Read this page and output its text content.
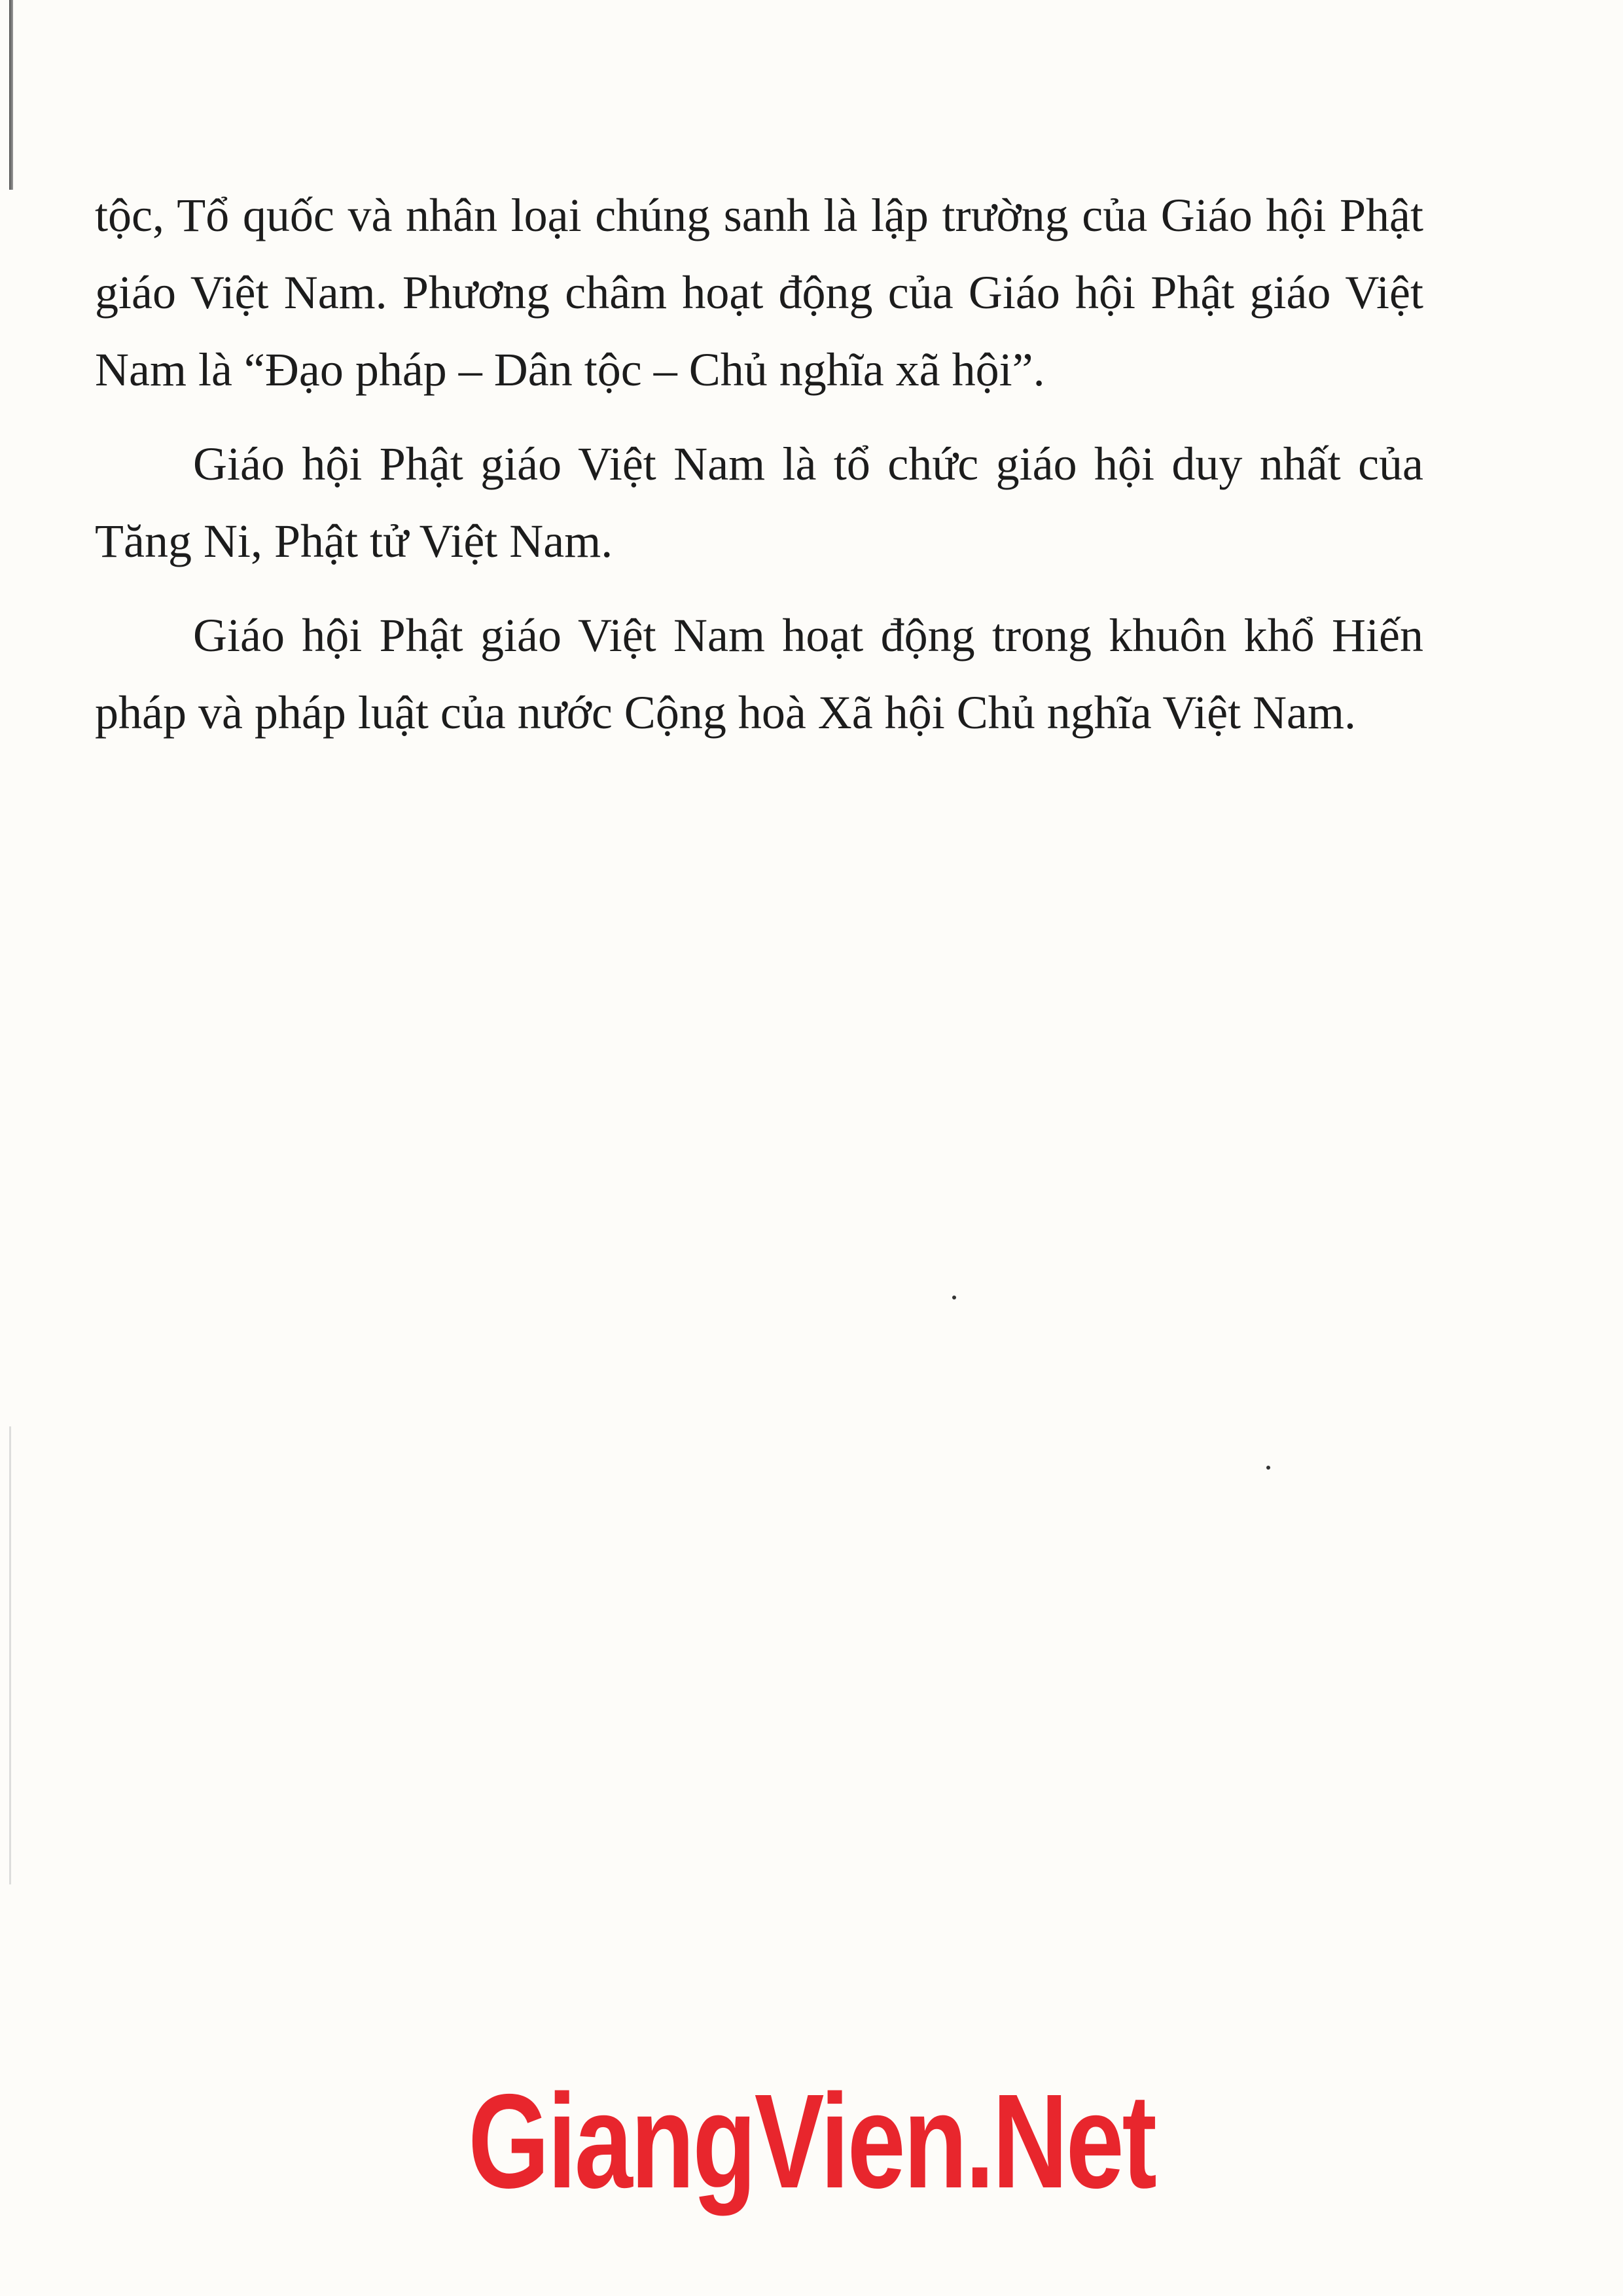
tộc, Tổ quốc và nhân loại chúng sanh là lập trường của Giáo hội Phật giáo Việt Nam. Phương châm hoạt động của Giáo hội Phật giáo Việt Nam là “Đạo pháp – Dân tộc – Chủ nghĩa xã hội”.

Giáo hội Phật giáo Việt Nam là tổ chức giáo hội duy nhất của Tăng Ni, Phật tử Việt Nam.

Giáo hội Phật giáo Việt Nam hoạt động trong khuôn khổ Hiến pháp và pháp luật của nước Cộng hoà Xã hội Chủ nghĩa Việt Nam.

GiangVien.Net
